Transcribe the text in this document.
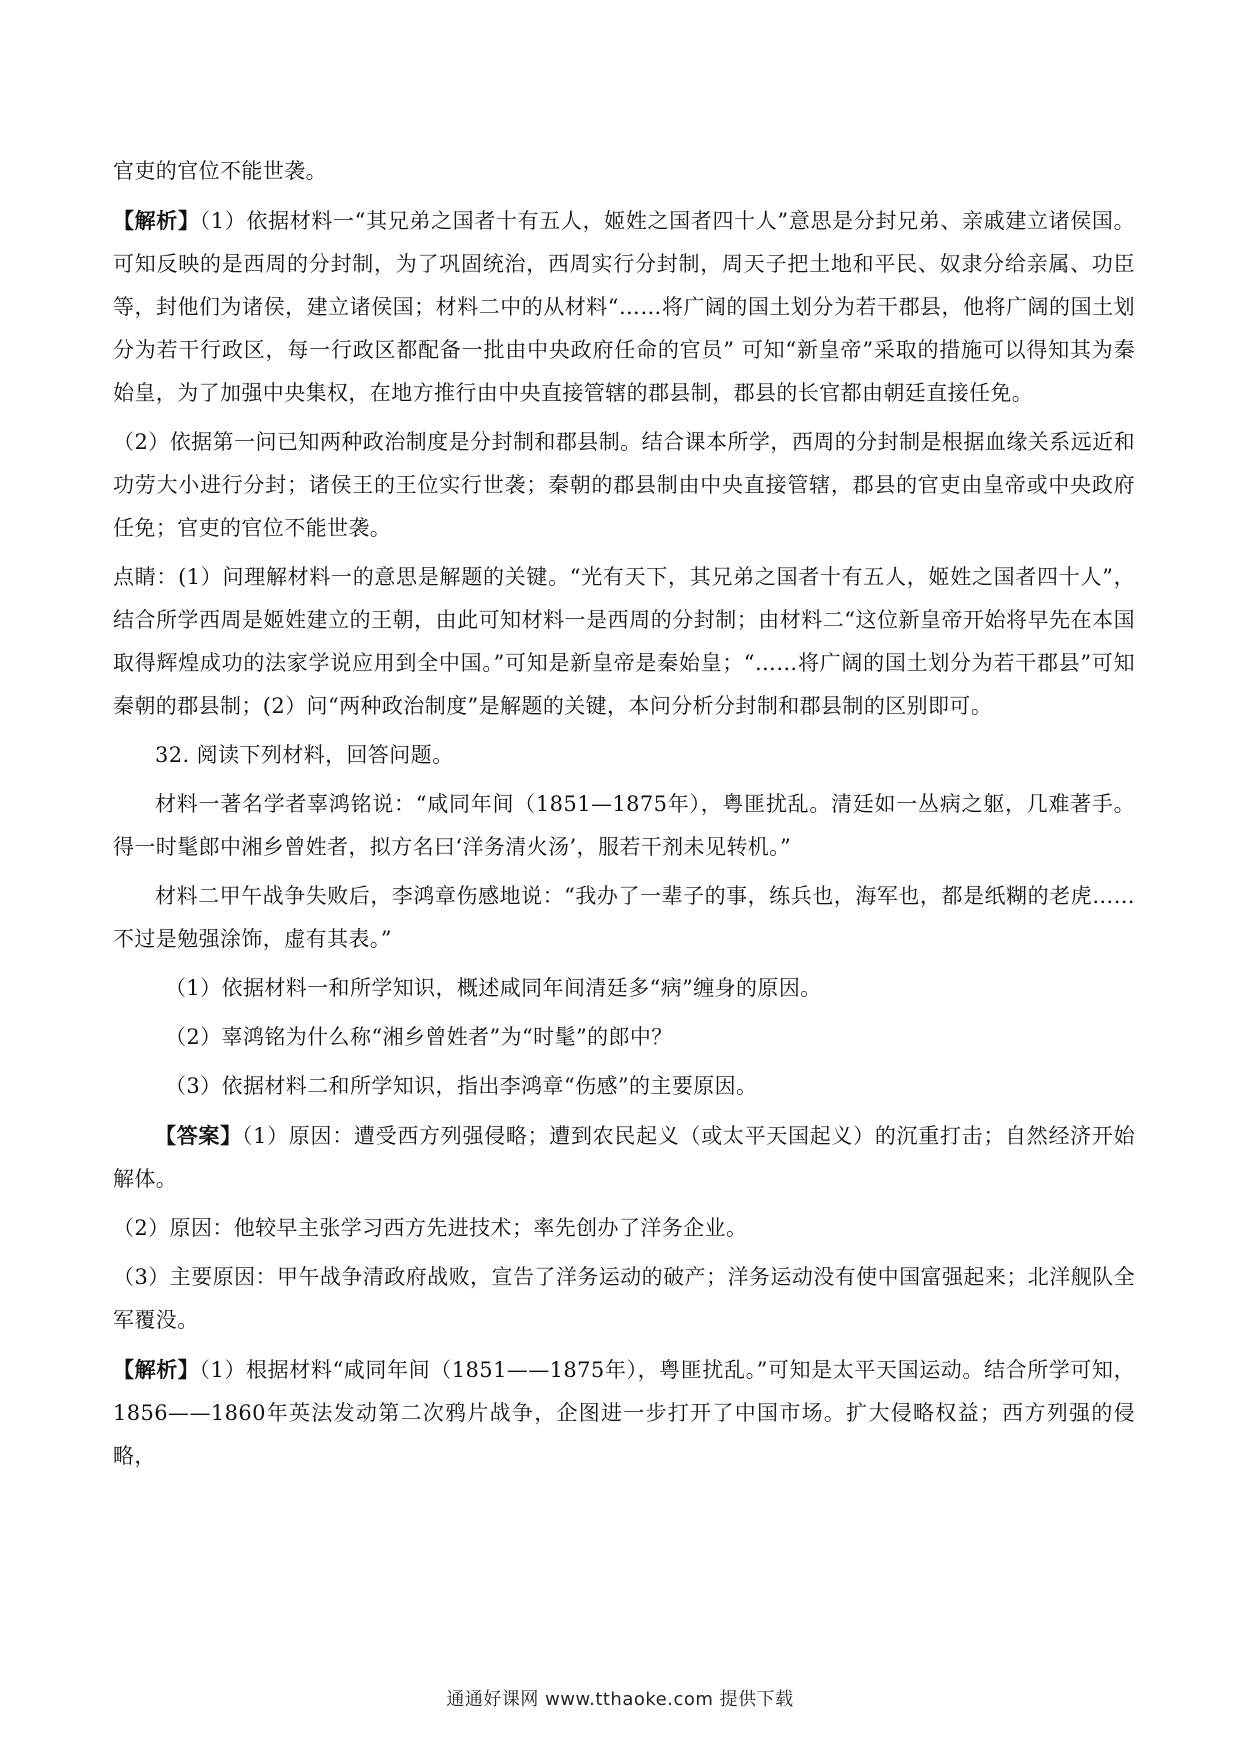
官吏的官位不能世袭。

【解析】（1）依据材料一“其兄弟之国者十有五人，姬姓之国者四十人”意思是分封兄弟、亲戚建立诸侯国。可知反映的是西周的分封制，为了巩固统治，西周实行分封制，周天子把土地和平民、奴隶分给亲属、功臣等，封他们为诸侯，建立诸侯国；材料二中的从材料“……将广阔的国土划分为若干郡县，他将广阔的国土划分为若干行政区，每一行政区都配备一批由中央政府任命的官员” 可知“新皇帝”采取的措施可以得知其为秦始皇，为了加强中央集权，在地方推行由中央直接管辖的郡县制，郡县的长官都由朝廷直接任免。

（2）依据第一问已知两种政治制度是分封制和郡县制。结合课本所学，西周的分封制是根据血缘关系远近和功劳大小进行分封；诸侯王的王位实行世袭；秦朝的郡县制由中央直接管辖，郡县的官吏由皇帝或中央政府任免；官吏的官位不能世袭。

点睛：(1）问理解材料一的意思是解题的关键。“光有天下，其兄弟之国者十有五人，姬姓之国者四十人”，结合所学西周是姬姓建立的王朝，由此可知材料一是西周的分封制；由材料二“这位新皇帝开始将早先在本国取得辉煌成功的法家学说应用到全中国。”可知是新皇帝是秦始皇；“……将广阔的国土划分为若干郡县”可知秦朝的郡县制；(2）问“两种政治制度”是解题的关键，本问分析分封制和郡县制的区别即可。

32. 阅读下列材料，回答问题。

材料一著名学者辜鸿铭说：“咸同年间（1851—1875年），粤匪扰乱。清廷如一丛病之躯，几难著手。得一时髦郎中湘乡曾姓者，拟方名曰‘洋务清火汤’，服若干剂未见转机。”

材料二甲午战争失败后，李鸿章伤感地说：“我办了一辈子的事，练兵也，海军也，都是纸糊的老虎……不过是勉强涂饰，虚有其表。”

（1）依据材料一和所学知识，概述咸同年间清廷多“病”缠身的原因。

（2）辜鸿铭为什么称“湘乡曾姓者”为“时髦”的郎中？

（3）依据材料二和所学知识，指出李鸿章“伤感”的主要原因。

【答案】（1）原因：遭受西方列强侵略；遭到农民起义（或太平天国起义）的沉重打击；自然经济开始解体。

（2）原因：他较早主张学习西方先进技术；率先创办了洋务企业。

（3）主要原因：甲午战争清政府战败，宣告了洋务运动的破产；洋务运动没有使中国富强起来；北洋舰队全军覆没。

【解析】（1）根据材料“咸同年间（1851——1875年），粤匪扰乱。”可知是太平天国运动。结合所学可知，1856——1860年英法发动第二次鸦片战争，企图进一步打开了中国市场。扩大侵略权益；西方列强的侵略，

通通好课网 www.tthaoke.com 提供下载
